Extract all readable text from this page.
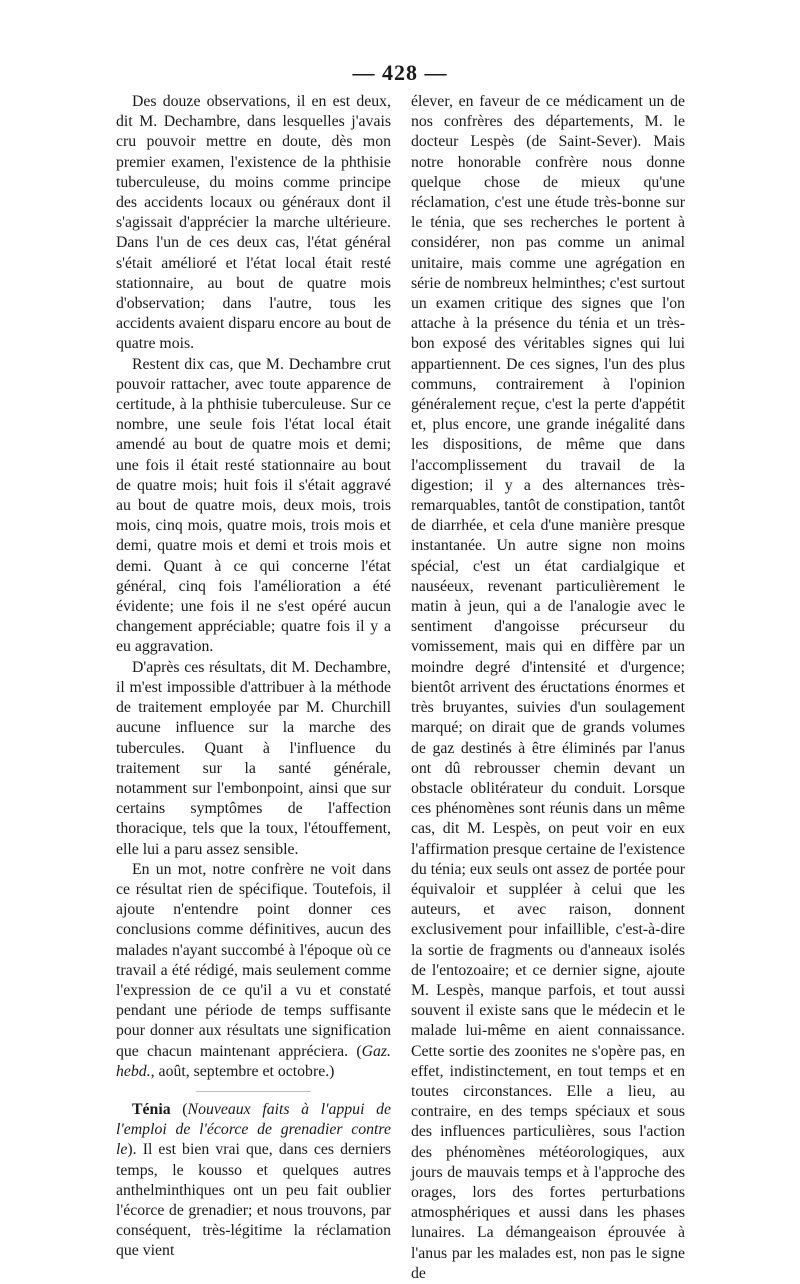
— 428 —

Des douze observations, il en est deux, dit M. Dechambre, dans lesquelles j'avais cru pouvoir mettre en doute, dès mon premier examen, l'existence de la phthisie tuberculeuse, du moins comme principe des accidents locaux ou généraux dont il s'agissait d'apprécier la marche ultérieure. Dans l'un de ces deux cas, l'état général s'était amélioré et l'état local était resté stationnaire, au bout de quatre mois d'observation; dans l'autre, tous les accidents avaient disparu encore au bout de quatre mois.

Restent dix cas, que M. Dechambre crut pouvoir rattacher, avec toute apparence de certitude, à la phthisie tuberculeuse. Sur ce nombre, une seule fois l'état local était amendé au bout de quatre mois et demi; une fois il était resté stationnaire au bout de quatre mois; huit fois il s'était aggravé au bout de quatre mois, deux mois, trois mois, cinq mois, quatre mois, trois mois et demi, quatre mois et demi et trois mois et demi. Quant à ce qui concerne l'état général, cinq fois l'amélioration a été évidente; une fois il ne s'est opéré aucun changement appréciable; quatre fois il y a eu aggravation.

D'après ces résultats, dit M. Dechambre, il m'est impossible d'attribuer à la méthode de traitement employée par M. Churchill aucune influence sur la marche des tubercules. Quant à l'influence du traitement sur la santé générale, notamment sur l'embonpoint, ainsi que sur certains symptômes de l'affection thoracique, tels que la toux, l'étouffement, elle lui a paru assez sensible.

En un mot, notre confrère ne voit dans ce résultat rien de spécifique. Toutefois, il ajoute n'entendre point donner ces conclusions comme définitives, aucun des malades n'ayant succombé à l'époque où ce travail a été rédigé, mais seulement comme l'expression de ce qu'il a vu et constaté pendant une période de temps suffisante pour donner aux résultats une signification que chacun maintenant appréciera. (Gaz. hebd., août, septembre et octobre.)

Ténia (Nouveaux faits à l'appui de l'emploi de l'écorce de grenadier contre le). Il est bien vrai que, dans ces derniers temps, le kousso et quelques autres anthelminthiques ont un peu fait oublier l'écorce de grenadier; et nous trouvons, par conséquent, très-légitime la réclamation que vient

élever, en faveur de ce médicament un de nos confrères des départements, M. le docteur Lespès (de Saint-Sever). Mais notre honorable confrère nous donne quelque chose de mieux qu'une réclamation, c'est une étude très-bonne sur le ténia, que ses recherches le portent à considérer, non pas comme un animal unitaire, mais comme une agrégation en série de nombreux helminthes; c'est surtout un examen critique des signes que l'on attache à la présence du ténia et un très-bon exposé des véritables signes qui lui appartiennent. De ces signes, l'un des plus communs, contrairement à l'opinion généralement reçue, c'est la perte d'appétit et, plus encore, une grande inégalité dans les dispositions, de même que dans l'accomplissement du travail de la digestion; il y a des alternances très-remarquables, tantôt de constipation, tantôt de diarrhée, et cela d'une manière presque instantanée. Un autre signe non moins spécial, c'est un état cardialgique et nauséeux, revenant particulièrement le matin à jeun, qui a de l'analogie avec le sentiment d'angoisse précurseur du vomissement, mais qui en diffère par un moindre degré d'intensité et d'urgence; bientôt arrivent des éructations énormes et très bruyantes, suivies d'un soulagement marqué; on dirait que de grands volumes de gaz destinés à être éliminés par l'anus ont dû rebrousser chemin devant un obstacle oblitérateur du conduit. Lorsque ces phénomènes sont réunis dans un même cas, dit M. Lespès, on peut voir en eux l'affirmation presque certaine de l'existence du ténia; eux seuls ont assez de portée pour équivaloir et suppléer à celui que les auteurs, et avec raison, donnent exclusivement pour infaillible, c'est-à-dire la sortie de fragments ou d'anneaux isolés de l'entozoaire; et ce dernier signe, ajoute M. Lespès, manque parfois, et tout aussi souvent il existe sans que le médecin et le malade lui-même en aient connaissance. Cette sortie des zoonites ne s'opère pas, en effet, indistinctement, en tout temps et en toutes circonstances. Elle a lieu, au contraire, en des temps spéciaux et sous des influences particulières, sous l'action des phénomènes météorologiques, aux jours de mauvais temps et à l'approche des orages, lors des fortes perturbations atmosphériques et aussi dans les phases lunaires. La démangeaison éprouvée à l'anus par les malades est, non pas le signe de
